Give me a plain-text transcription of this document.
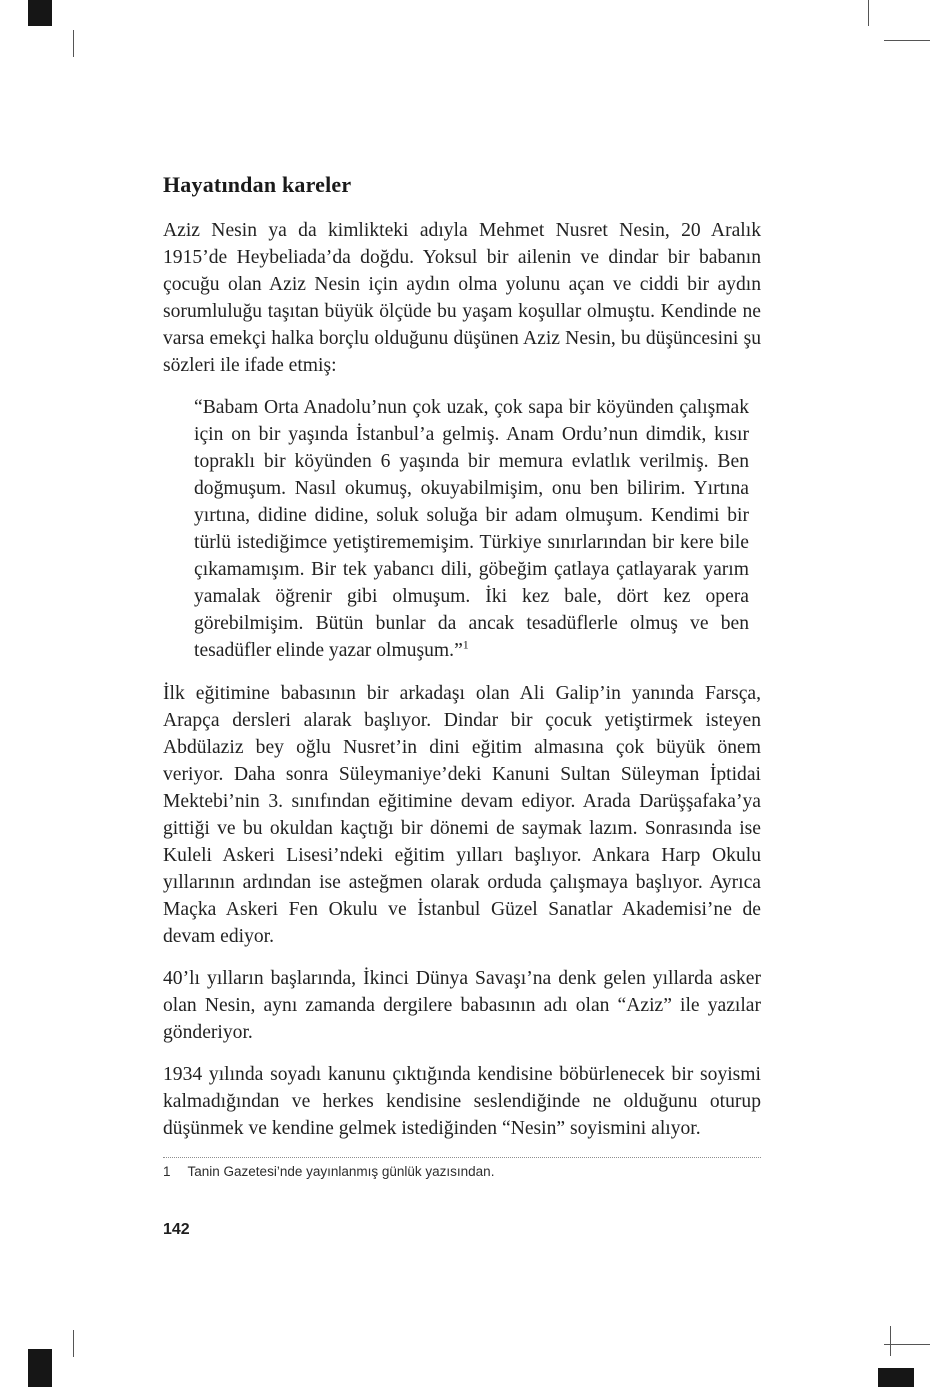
Hayatından kareler

Aziz Nesin ya da kimlikteki adıyla Mehmet Nusret Nesin, 20 Aralık 1915’de Heybeliada’da doğdu. Yoksul bir ailenin ve dindar bir babanın çocuğu olan Aziz Nesin için aydın olma yolunu açan ve ciddi bir aydın sorumluluğu taşıtan büyük ölçüde bu yaşam koşullar olmuştu. Kendinde ne varsa emekçi halka borçlu olduğunu düşünen Aziz Nesin, bu düşüncesini şu sözleri ile ifade etmiş:

“Babam Orta Anadolu’nun çok uzak, çok sapa bir köyünden çalışmak için on bir yaşında İstanbul’a gelmiş. Anam Ordu’nun dimdik, kısır topraklı bir köyünden 6 yaşında bir memura evlatlık verilmiş. Ben doğmuşum. Nasıl okumuş, okuyabilmişim, onu ben bilirim. Yırtına yırtına, didine didine, soluk soluğa bir adam olmuşum. Kendimi bir türlü istediğimce yetiştirememişim. Türkiye sınırlarından bir kere bile çıkamamışım. Bir tek yabancı dili, göbeğim çatlaya çatlayarak yarım yamalak öğrenir gibi olmuşum. İki kez bale, dört kez opera görebilmişim. Bütün bunlar da ancak tesadüflerle olmuş ve ben tesadüfler elinde yazar olmuşum.”$^1$

İlk eğitimine babasının bir arkadaşı olan Ali Galip’in yanında Farsça, Arapça dersleri alarak başlıyor. Dindar bir çocuk yetiştirmek isteyen Abdülaziz bey oğlu Nusret’in dini eğitim almasına çok büyük önem veriyor. Daha sonra Süleymaniye’deki Kanuni Sultan Süleyman İptidai Mektebi’nin 3. sınıfından eğitimine devam ediyor. Arada Darüşşafaka’ya gittiği ve bu okuldan kaçtığı bir dönemi de saymak lazım. Sonrasında ise Kuleli Askeri Lisesi’ndeki eğitim yılları başlıyor. Ankara Harp Okulu yıllarının ardından ise asteğmen olarak orduda çalışmaya başlıyor. Ayrıca Maçka Askeri Fen Okulu ve İstanbul Güzel Sanatlar Akademisi’ne de devam ediyor.

40’lı yılların başlarında, İkinci Dünya Savaşı’na denk gelen yıllarda asker olan Nesin, aynı zamanda dergilere babasının adı olan “Aziz” ile yazılar gönderiyor.

1934 yılında soyadı kanunu çıktığında kendisine böbürlenecek bir soyismi kalmadığından ve herkes kendisine seslendiğinde ne olduğunu oturup düşünmek ve kendine gelmek istediğinden “Nesin” soyismini alıyor.

1 Tanin Gazetesi’nde yayınlanmış günlük yazısından.
142
